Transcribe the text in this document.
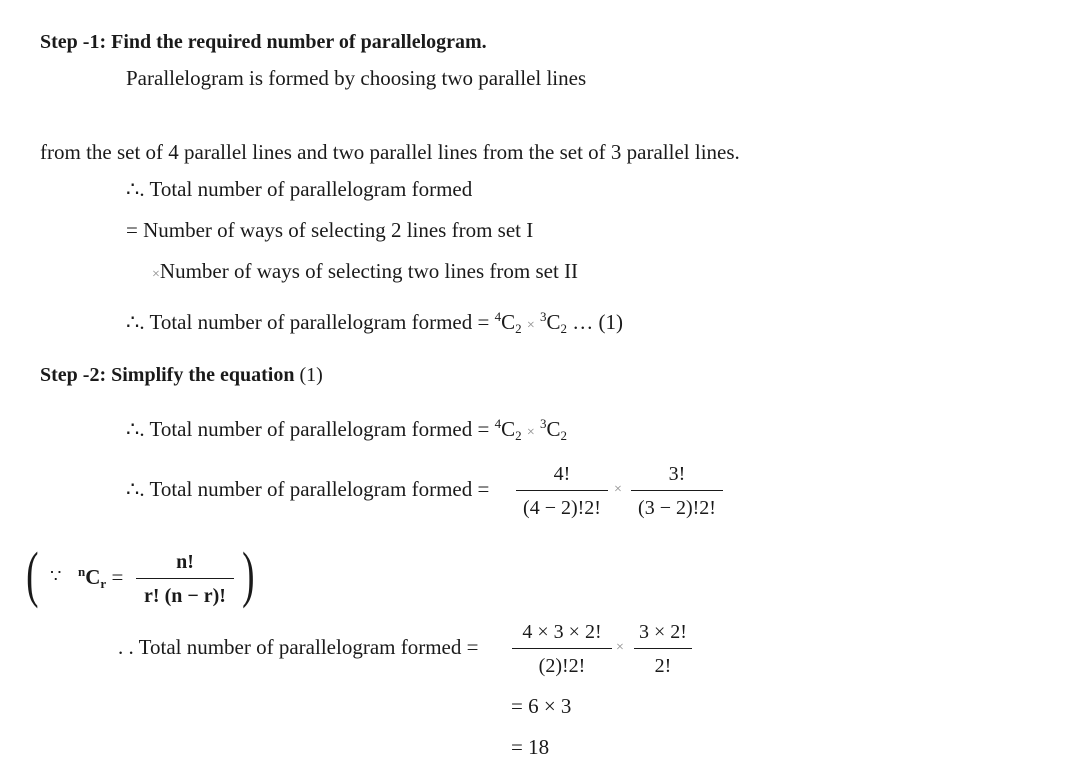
Step -1: Find the required number of parallelogram.
Parallelogram is formed by choosing two parallel lines
from the set of 4 parallel lines and two parallel lines from the set of 3 parallel lines.
∴. Total number of parallelogram formed
= Number of ways of selecting 2 lines from set I
×Number of ways of selecting two lines from set II
∴. Total number of parallelogram formed = $^4C_2 \times ^3C_2$ … (1)
Step -2: Simplify the equation (1)
∴. Total number of parallelogram formed = $^4C_2 \times ^3C_2$
∴. Total number of parallelogram formed =
4!
(4 − 2)!2!
×
3!
(3 − 2)!2!
( ∵ $^nC_r$ =
n!
r! (n − r)! )
. . Total number of parallelogram formed =
4 × 3 × 2!
(2)!2!
×
3 × 2!
2!
= 6 × 3
= 18
